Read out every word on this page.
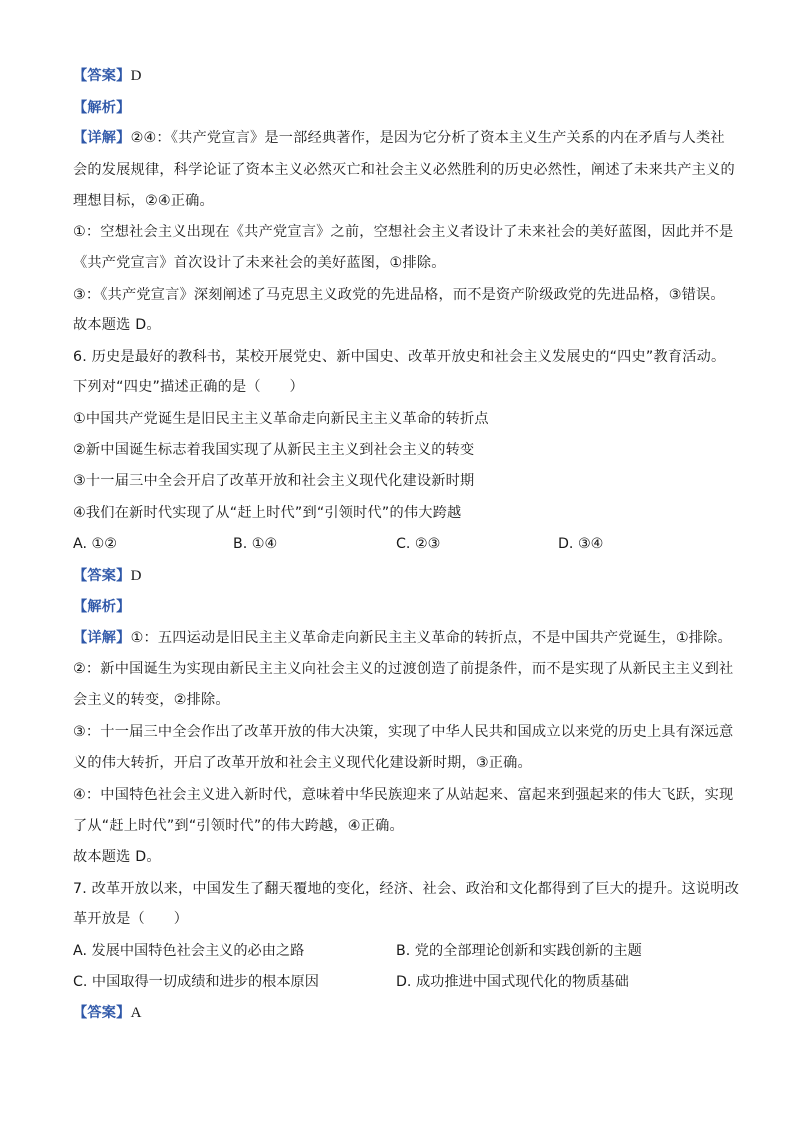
【答案】D
【解析】
【详解】②④：《共产党宣言》是一部经典著作，是因为它分析了资本主义生产关系的内在矛盾与人类社
会的发展规律，科学论证了资本主义必然灭亡和社会主义必然胜利的历史必然性，阐述了未来共产主义的
理想目标，②④正确。
①：空想社会主义出现在《共产党宣言》之前，空想社会主义者设计了未来社会的美好蓝图，因此并不是
《共产党宣言》首次设计了未来社会的美好蓝图，①排除。
③：《共产党宣言》深刻阐述了马克思主义政党的先进品格，而不是资产阶级政党的先进品格，③错误。
故本题选 D。
6. 历史是最好的教科书，某校开展党史、新中国史、改革开放史和社会主义发展史的“四史”教育活动。
下列对“四史”描述正确的是（　　）
①中国共产党诞生是旧民主主义革命走向新民主主义革命的转折点
②新中国诞生标志着我国实现了从新民主主义到社会主义的转变
③十一届三中全会开启了改革开放和社会主义现代化建设新时期
④我们在新时代实现了从“赶上时代”到“引领时代”的伟大跨越
A. ①②	B. ①④	C. ②③	D. ③④
【答案】D
【解析】
【详解】①：五四运动是旧民主主义革命走向新民主主义革命的转折点，不是中国共产党诞生，①排除。
②：新中国诞生为实现由新民主主义向社会主义的过渡创造了前提条件，而不是实现了从新民主主义到社
会主义的转变，②排除。
③：十一届三中全会作出了改革开放的伟大决策，实现了中华人民共和国成立以来党的历史上具有深远意
义的伟大转折，开启了改革开放和社会主义现代化建设新时期，③正确。
④：中国特色社会主义进入新时代，意味着中华民族迎来了从站起来、富起来到强起来的伟大飞跃，实现
了从“赶上时代”到“引领时代”的伟大跨越，④正确。
故本题选 D。
7. 改革开放以来，中国发生了翻天覆地的变化，经济、社会、政治和文化都得到了巨大的提升。这说明改
革开放是（　　）
A. 发展中国特色社会主义的必由之路	B. 党的全部理论创新和实践创新的主题
C. 中国取得一切成绩和进步的根本原因	D. 成功推进中国式现代化的物质基础
【答案】A
